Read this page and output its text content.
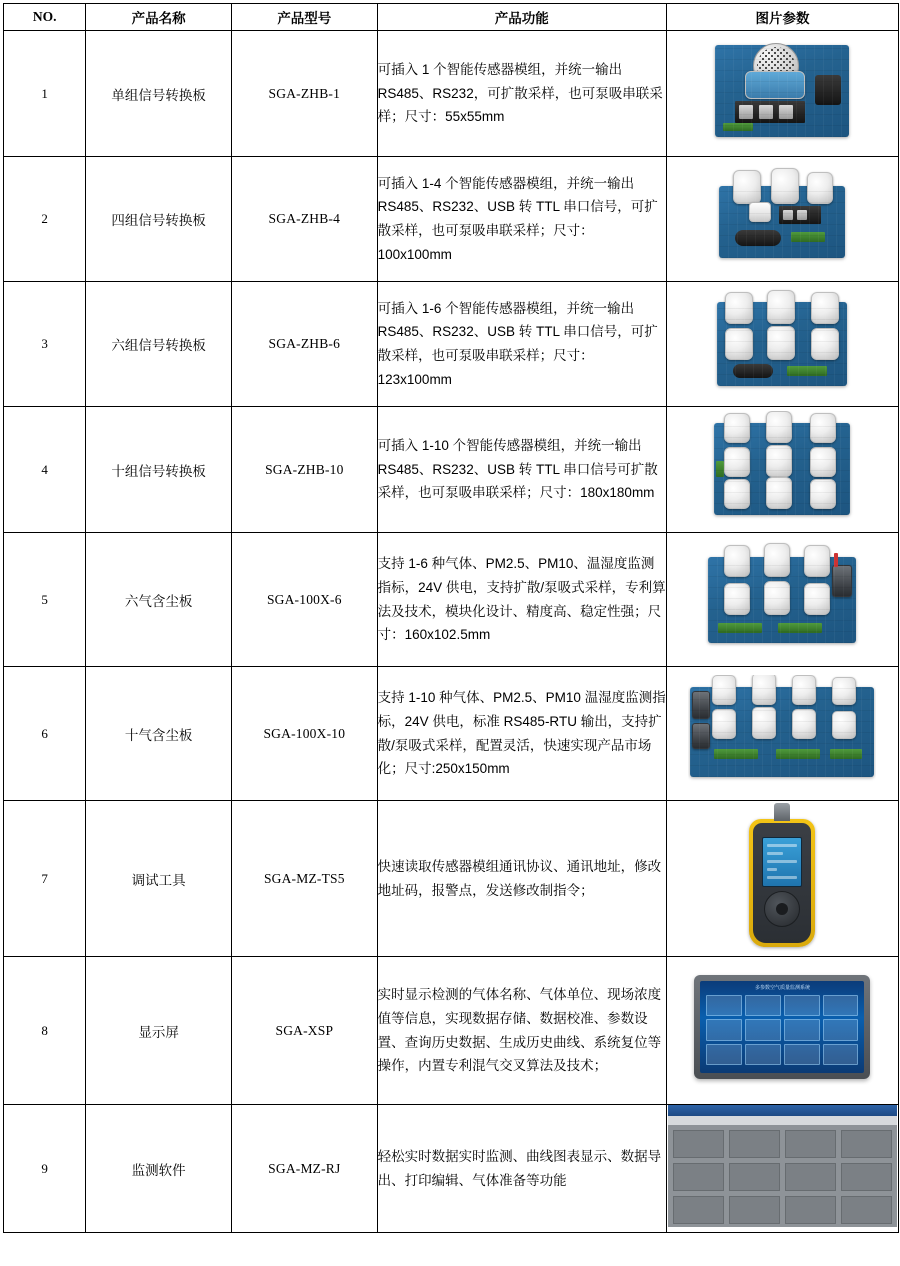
NO.	产品名称	产品型号	产品功能	图片参数
1	单组信号转换板	SGA-ZHB-1	可插入 1 个智能传感器模组，并统一输出 RS485、RS232，可扩散采样，也可泵吸串联采样；尺寸：55x55mm	

2	四组信号转换板	SGA-ZHB-4	可插入 1-4 个智能传感器模组，并统一输出 RS485、RS232、USB 转 TTL 串口信号，可扩散采样，也可泵吸串联采样；尺寸：100x100mm	

3	六组信号转换板	SGA-ZHB-6	可插入 1-6 个智能传感器模组，并统一输出 RS485、RS232、USB 转 TTL 串口信号，可扩散采样，也可泵吸串联采样；尺寸：123x100mm	

4	十组信号转换板	SGA-ZHB-10	可插入 1-10 个智能传感器模组，并统一输出 RS485、RS232、USB 转 TTL 串口信号可扩散采样，也可泵吸串联采样；尺寸：180x180mm	

5	六气含尘板	SGA-100X-6	支持 1-6 种气体、PM2.5、PM10、温湿度监测指标，24V 供电，支持扩散/泵吸式采样，专利算法及技术，模块化设计、精度高、稳定性强；尺寸：160x102.5mm	

6	十气含尘板	SGA-100X-10	支持 1-10 种气体、PM2.5、PM10 温湿度监测指标，24V 供电，标准 RS485-RTU 输出，支持扩散/泵吸式采样，配置灵活，快速实现产品市场化；尺寸:250x150mm	

7	调试工具	SGA-MZ-TS5	快速读取传感器模组通讯协议、通讯地址，修改地址码，报警点，发送修改制指令；	

8	显示屏	SGA-XSP	实时显示检测的气体名称、气体单位、现场浓度值等信息，实现数据存储、数据校准、参数设置、查询历史数据、生成历史曲线、系统复位等操作，内置专利混气交叉算法及技术；	多参数空气质量监测系统

9	监测软件	SGA-MZ-RJ	轻松实时数据实时监测、曲线图表显示、数据导出、打印编辑、气体准备等功能	
